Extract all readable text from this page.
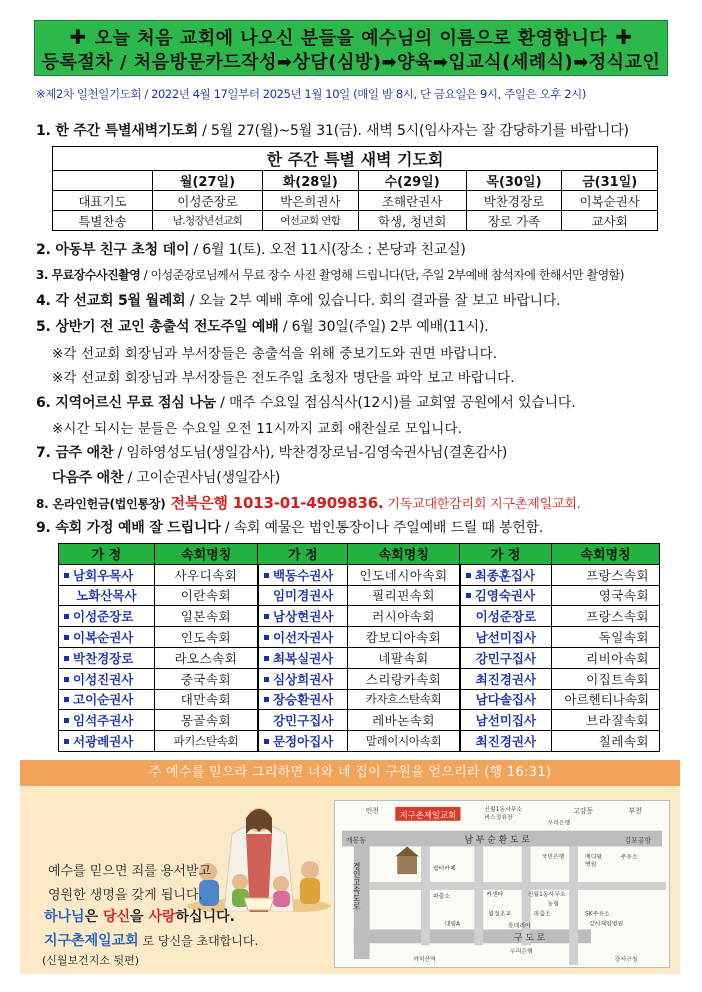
✚ 오늘 처음 교회에 나오신 분들을 예수님의 이름으로 환영합니다 ✚
등록절차 / 처음방문카드작성➡상담(심방)➡양육➡입교식(세례식)➡정식교인
※제2차 일천일기도회 / 2022년 4월 17일부터 2025년 1월 10일 (매일 밤 8시, 단 금요일은 9시, 주일은 오후 2시)
1. 한 주간 특별새벽기도회 / 5월 27(월)~5월 31(금). 새벽 5시(임사자는 잘 감당하기를 바랍니다)
한 주간 특별 새벽 기도회					
	월(27일)	화(28일)	수(29일)	목(30일)	금(31일)
대표기도	이성준장로	박은희권사	조해란권사	박찬경장로	이복순권사
특별찬송	남.청장년선교회	여선교회 연합	학생, 청년회	장로 가족	교사회
2. 아동부 친구 초청 데이 / 6월 1(토). 오전 11시(장소 : 본당과 친교실)
3. 무료장수사진촬영 / 이성준장로님께서 무료 장수 사진 촬영해 드립니다(단, 주일 2부예배 참석자에 한해서만 촬영함)
4. 각 선교회 5월 월례회 / 오늘 2부 예배 후에 있습니다. 회의 결과를 잘 보고 바랍니다.
5. 상반기 전 교인 총출석 전도주일 예배 / 6월 30일(주일) 2부 예배(11시).
※각 선교회 회장님과 부서장들은 총출석을 위해 중보기도와 권면 바랍니다.
※각 선교회 회장님과 부서장들은 전도주일 초청자 명단을 파악 보고 바랍니다.
6. 지역어르신 무료 점심 나눔 / 매주 수요일 점심식사(12시)를 교회옆 공원에서 있습니다.
※시간 되시는 분들은 수요일 오전 11시까지 교회 애찬실로 모입니다.
7. 금주 애찬 / 임하영성도님(생일감사), 박찬경장로님-김영숙권사님(결혼감사)
다음주 애찬 / 고이순권사님(생일감사)
8. 온라인헌금(법인통장) 전북은행 1013-01-4909836. 기독교대한감리회 지구촌제일교회.
9. 속회 가정 예배 잘 드립니다 / 속회 예물은 법인통장이나 주일예배 드릴 때 봉헌함.
가 정	속회명칭	가 정	속회명칭	가 정	속회명칭
남회우목사	사우디속회	백동수권사	인도네시아속회	최종훈집사	프랑스속회
노화산목사	이란속회	임미경권사	필리핀속회	김영숙권사	영국속회
이성준장로	일본속회	남상현권사	러시아속회	이성준장로	프랑스속회
이복순권사	인도속회	이선자권사	캄보디아속회	남선미집사	독일속회
박찬경장로	라오스속회	최복실권사	네팔속회	강민구집사	리비아속회
이성진권사	중국속회	심상희권사	스리랑카속회	최진경권사	이집트속회
고이순권사	대만속회	장승환권사	카자흐스탄속회	남다솔집사	아르헨티나속회
임석주권사	몽골속회	강민구집사	레바논속회	남선미집사	브라질속회
서광례권사	파키스탄속회	문정아집사	말레이시아속회	최진경권사	칠레속회
주 예수를 믿으라 그리하면 너와 네 집이 구원을 얻으리라 (행 16:31)
예수를 믿으면 죄를 용서받고
영원한 생명을 갖게 됩니다.
하나님은 당신을 사랑하십니다.
지구촌제일교회 로 당신을 초대합니다.
(신월보건지소 뒷편)
지구촌제일교회
인천	부천
고강동
개봉동	김포공항
남 부 순 환 도 로
구 도 로
신월1동사무소
버스정류장
우리은행
국민은행	메디팜
병원
주유소
쉼터카페
파출소	카센타	신월1동사무소
농협
월정초교	파출소	SK주유소
강서제일병원
대림A	롯데리아
우리은행
까치산역	강서구청
경인고속도로
